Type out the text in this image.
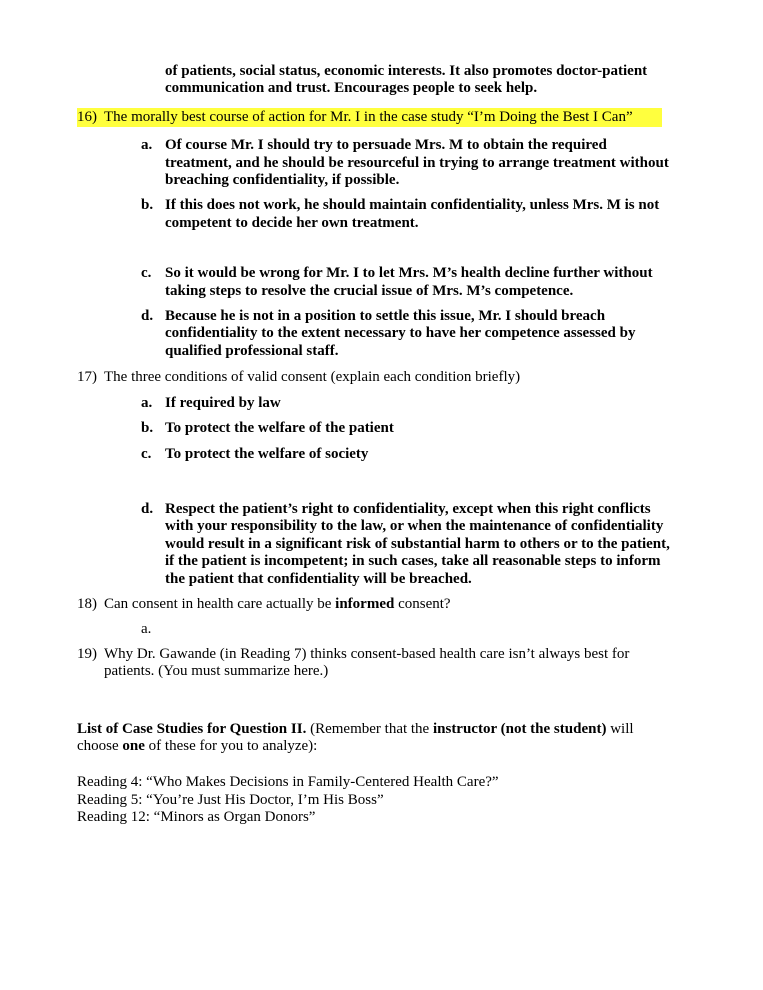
of patients, social status, economic interests. It also promotes doctor-patient communication and trust. Encourages people to seek help.

16) The morally best course of action for Mr. I in the case study “I’m Doing the Best I Can”
a. Of course Mr. I should try to persuade Mrs. M to obtain the required treatment, and he should be resourceful in trying to arrange treatment without breaching confidentiality, if possible.
b. If this does not work, he should maintain confidentiality, unless Mrs. M is not competent to decide her own treatment.
c. So it would be wrong for Mr. I to let Mrs. M’s health decline further without taking steps to resolve the crucial issue of Mrs. M’s competence.
d. Because he is not in a position to settle this issue, Mr. I should breach confidentiality to the extent necessary to have her competence assessed by qualified professional staff.
17) The three conditions of valid consent (explain each condition briefly)
a. If required by law
b. To protect the welfare of the patient
c. To protect the welfare of society
d. Respect the patient’s right to confidentiality, except when this right conflicts with your responsibility to the law, or when the maintenance of confidentiality would result in a significant risk of substantial harm to others or to the patient, if the patient is incompetent; in such cases, take all reasonable steps to inform the patient that confidentiality will be breached.
18) Can consent in health care actually be informed consent?
a.
19) Why Dr. Gawande (in Reading 7) thinks consent-based health care isn’t always best for patients. (You must summarize here.)

List of Case Studies for Question II. (Remember that the instructor (not the student) will choose one of these for you to analyze):

Reading 4: “Who Makes Decisions in Family-Centered Health Care?”
Reading 5: “You’re Just His Doctor, I’m His Boss”
Reading 12: “Minors as Organ Donors”
